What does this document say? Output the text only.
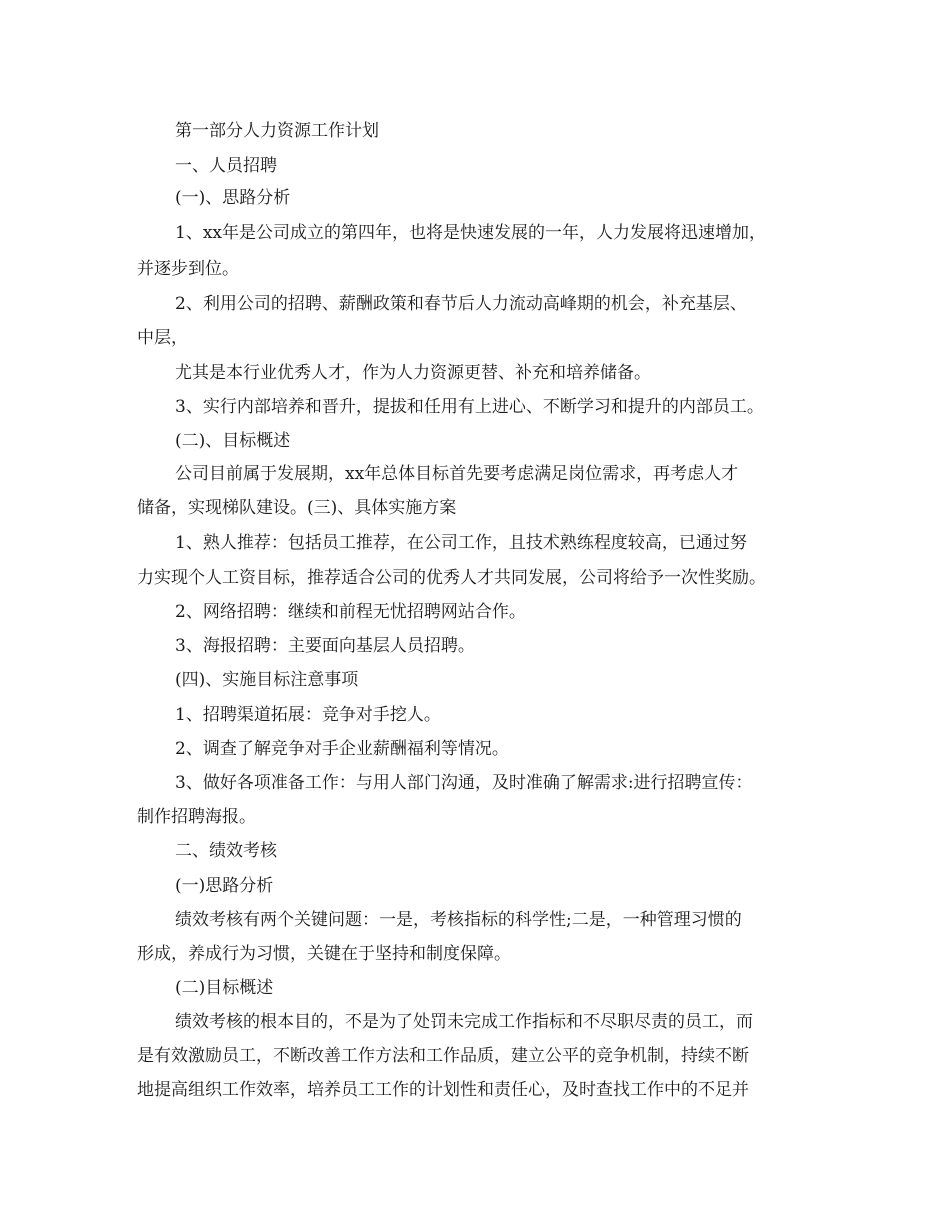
第一部分人力资源工作计划
一、人员招聘
(一)、思路分析
1、xx年是公司成立的第四年，也将是快速发展的一年，人力发展将迅速增加，
并逐步到位。
2、利用公司的招聘、薪酬政策和春节后人力流动高峰期的机会，补充基层、
中层，
尤其是本行业优秀人才，作为人力资源更替、补充和培养储备。
3、实行内部培养和晋升，提拔和任用有上进心、不断学习和提升的内部员工。
(二)、目标概述
公司目前属于发展期，xx年总体目标首先要考虑满足岗位需求，再考虑人才
储备，实现梯队建设。(三)、具体实施方案
1、熟人推荐：包括员工推荐，在公司工作，且技术熟练程度较高，已通过努
力实现个人工资目标，推荐适合公司的优秀人才共同发展，公司将给予一次性奖励。
2、网络招聘：继续和前程无忧招聘网站合作。
3、海报招聘：主要面向基层人员招聘。
(四)、实施目标注意事项
1、招聘渠道拓展：竞争对手挖人。
2、调查了解竞争对手企业薪酬福利等情况。
3、做好各项准备工作：与用人部门沟通，及时准确了解需求:进行招聘宣传：
制作招聘海报。
二、绩效考核
(一)思路分析
绩效考核有两个关键问题：一是，考核指标的科学性;二是，一种管理习惯的
形成，养成行为习惯，关键在于坚持和制度保障。
(二)目标概述
绩效考核的根本目的，不是为了处罚未完成工作指标和不尽职尽责的员工，而
是有效激励员工，不断改善工作方法和工作品质，建立公平的竞争机制，持续不断
地提高组织工作效率，培养员工工作的计划性和责任心，及时查找工作中的不足并
